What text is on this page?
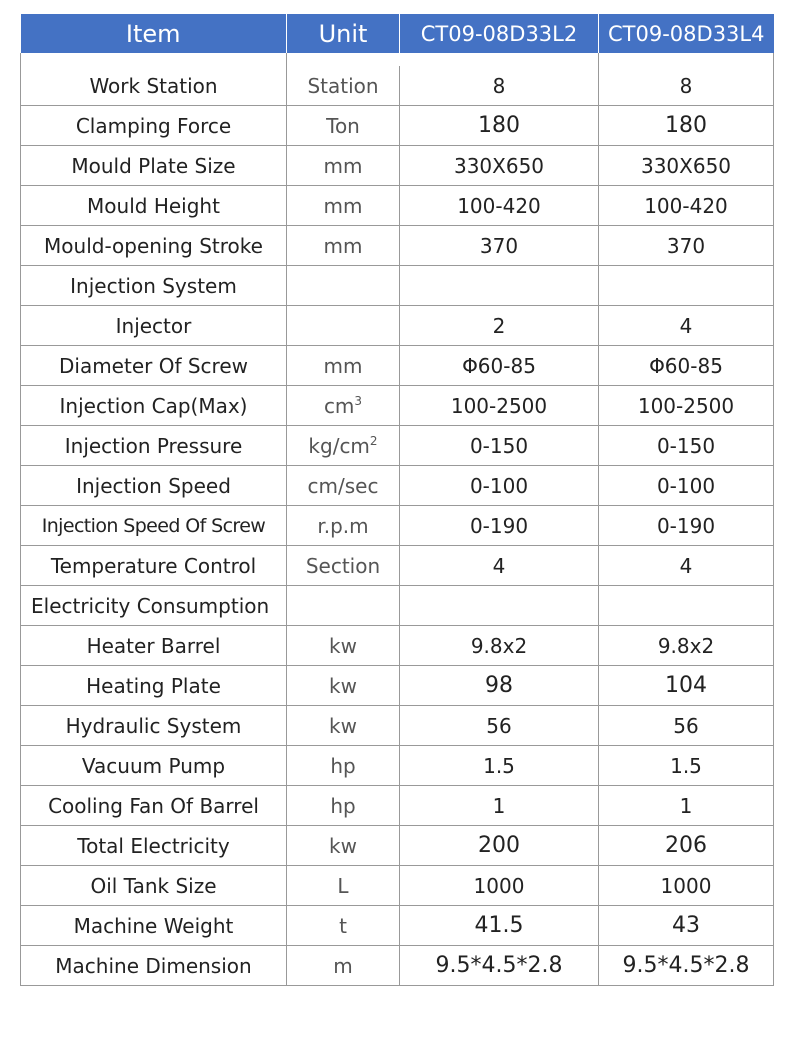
Item	Unit	CT09-08D33L2	CT09-08D33L4

Work Station	Station	8	8
Clamping Force	Ton	180	180
Mould Plate Size	mm	330X650	330X650
Mould Height	mm	100-420	100-420
Mould-opening Stroke	mm	370	370
Injection System			
Injector		2	4
Diameter Of Screw	mm	Φ60-85	Φ60-85
Injection Cap(Max)	$cm^3$	100-2500	100-2500
Injection Pressure	$kg/cm^2$	0-150	0-150
Injection Speed	cm/sec	0-100	0-100
Injection Speed Of Screw	r.p.m	0-190	0-190
Temperature Control	Section	4	4
Electricity Consumption			
Heater Barrel	kw	9.8x2	9.8x2
Heating Plate	kw	98	104
Hydraulic System	kw	56	56
Vacuum Pump	hp	1.5	1.5
Cooling Fan Of Barrel	hp	1	1
Total Electricity	kw	200	206
Oil Tank Size	L	1000	1000
Machine Weight	t	41.5	43
Machine Dimension	m	9.5*4.5*2.8	9.5*4.5*2.8
